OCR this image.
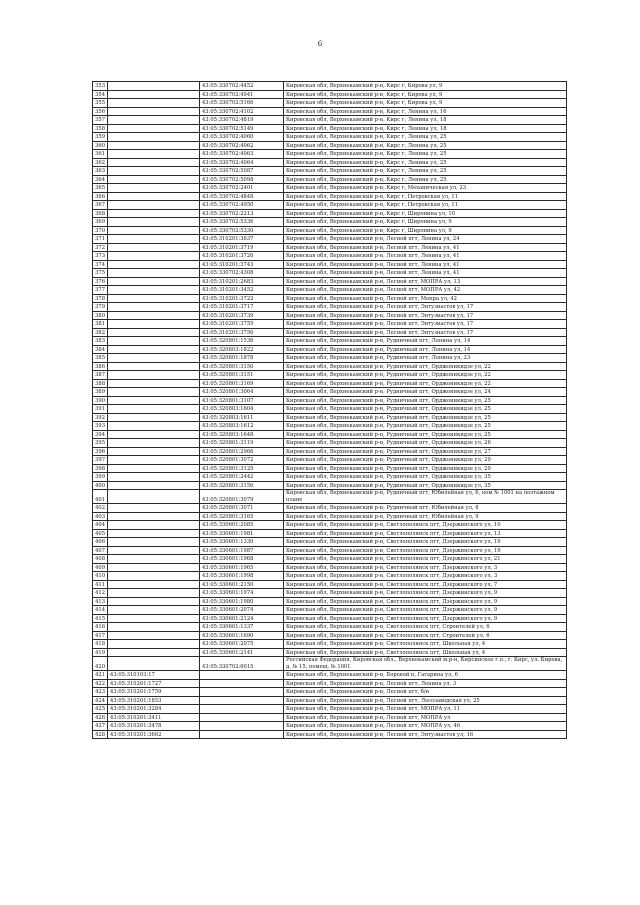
6
353		43:05:330702:4452	Кировская обл, Верхнекамский р-н, Кирс г, Кирова ул, 9
354		43:05:330702:4941	Кировская обл, Верхнекамский р-н, Кирс г, Кирова ул, 9
355		43:05:330702:5166	Кировская обл, Верхнекамский р-н, Кирс г, Кирова ул, 9
356		43:05:330702:4102	Кировская обл, Верхнекамский р-н, Кирс г, Ленина ул, 16
357		43:05:330702:4819	Кировская обл, Верхнекамский р-н, Кирс г, Ленина ул, 18
358		43:05:330702:5149	Кировская обл, Верхнекамский р-н, Кирс г, Ленина ул, 18
359		43:05:330702:4060	Кировская обл, Верхнекамский р-н, Кирс г, Ленина ул, 25
360		43:05:330702:4062	Кировская обл, Верхнекамский р-н, Кирс г, Ленина ул, 25
361		43:05:330702:4063	Кировская обл, Верхнекамский р-н, Кирс г, Ленина ул, 25
362		43:05:330702:4064	Кировская обл, Верхнекамский р-н, Кирс г, Ленина ул, 25
363		43:05:330702:5087	Кировская обл, Верхнекамский р-н, Кирс г, Ленина ул, 25
364		43:05:330702:5098	Кировская обл, Верхнекамский р-н, Кирс г, Ленина ул, 25
365		43:05:330702:2401	Кировская обл, Верхнекамский р-н, Кирс г, Механическая ул, 23
366		43:05:330702:4848	Кировская обл, Верхнекамский р-н, Кирс г, Петровская ул, 11
367		43:05:330702:4950	Кировская обл, Верхнекамский р-н, Кирс г, Петровская ул, 11
368		43:05:330702:2213	Кировская обл, Верхнекамский р-н, Кирс г, Широнина ул, 10
369		43:05:330702:5336	Кировская обл, Верхнекамский р-н, Кирс г, Широнина ул, 9
370		43:05:330702:5330	Кировская обл, Верхнекамский р-н, Кирс г, Широнина ул, 9
371		43:05:310201:3637	Кировская обл, Верхнекамский р-н, Лесной пгт, Ленина ул, 24
372		43:05:310201:3719	Кировская обл, Верхнекамский р-н, Лесной пгт, Ленина ул, 41
373		43:05:310201:3726	Кировская обл, Верхнекамский р-н, Лесной пгт, Ленина ул, 41
374		43:05:310201:3743	Кировская обл, Верхнекамский р-н, Лесной пгт, Ленина ул, 41
375		43:05:330702:4308	Кировская обл, Верхнекамский р-н, Лесной пгт, Ленина ул, 41
376		43:05:310201:2683	Кировская обл, Верхнекамский р-н, Лесной пгт, МОПРА ул, 13
377		43:05:310201:3452	Кировская обл, Верхнекамский р-н, Лесной пгт, МОПРА ул, 42
378		43:05:310201:3722	Кировская обл, Верхнекамский р-н, Лесной пгт, Мопра ул, 42
379		43:05:310201:3717	Кировская обл, Верхнекамский р-н, Лесной пгт, Энтузиастов ул, 17
380		43:05:310201:3739	Кировская обл, Верхнекамский р-н, Лесной пгт, Энтузиастов ул, 17
381		43:05:310201:3755	Кировская обл, Верхнекамский р-н, Лесной пгт, Энтузиастов ул, 17
382		43:05:310201:3756	Кировская обл, Верхнекамский р-н, Лесной пгт, Энтузиастов ул, 17
383		43:05:320801:1536	Кировская обл, Верхнекамский р-н, Рудничный пгт, Ленина ул, 14
384		43:05:320803:1822	Кировская обл, Верхнекамский р-н, Рудничный пгт, Ленина ул, 14
385		43:05:320801:1878	Кировская обл, Верхнекамский р-н, Рудничный пгт, Ленина ул, 23
386		43:05:320801:3150	Кировская обл, Верхнекамский р-н, Рудничный пгт, Орджоникидзе ул, 22
387		43:05:320801:3151	Кировская обл, Верхнекамский р-н, Рудничный пгт, Орджоникидзе ул, 22
388		43:05:320801:3169	Кировская обл, Верхнекамский р-н, Рудничный пгт, Орджоникидзе ул, 22
389		43:05:320801:3064	Кировская обл, Верхнекамский р-н, Рудничный пгт, Орджоникидзе ул, 24
390		43:05:320801:3107	Кировская обл, Верхнекамский р-н, Рудничный пгт, Орджоникидзе ул, 25
391		43:05:320803:1604	Кировская обл, Верхнекамский р-н, Рудничный пгт, Орджоникидзе ул, 25
392		43:05:320803:1611	Кировская обл, Верхнекамский р-н, Рудничный пгт, Орджоникидзе ул, 25
393		43:05:320803:1612	Кировская обл, Верхнекамский р-н, Рудничный пгт, Орджоникидзе ул, 25
394		43:05:320803:1648	Кировская обл, Верхнекамский р-н, Рудничный пгт, Орджоникидзе ул, 25
395		43:05:320801:3119	Кировская обл, Верхнекамский р-н, Рудничный пгт, Орджоникидзе ул, 26
396		43:05:320801:2966	Кировская обл, Верхнекамский р-н, Рудничный пгт, Орджоникидзе ул, 27
397		43:05:320801:3072	Кировская обл, Верхнекамский р-н, Рудничный пгт, Орджоникидзе ул, 29
398		43:05:320801:3125	Кировская обл, Верхнекамский р-н, Рудничный пгт, Орджоникидзе ул, 29
399		43:05:320801:2442	Кировская обл, Верхнекамский р-н, Рудничный пгт, Орджоникидзе ул, 35
400		43:05:320801:3156	Кировская обл, Верхнекамский р-н, Рудничный пгт, Орджоникидзе ул, 35
401		43:05:320801:3079	Кировская обл, Верхнекамский р-н, Рудничный пгт, Юбилейная ул, 6, пом № 1001 на поэтажном плане
402		43:05:320801:3071	Кировская обл, Верхнекамский р-н, Рудничный пгт, Юбилейная ул, 8
403		43:05:320801:3165	Кировская обл, Верхнекамский р-н, Рудничный пгт, Юбилейная ул, 9
404		43:05:330601:2085	Кировская обл, Верхнекамский р-н, Светлополянск пгт, Дзержинского ул, 10
405		43:05:330601:1981	Кировская обл, Верхнекамский р-н, Светлополянск пгт, Дзержинского ул, 13
406		43:05:330601:1330	Кировская обл, Верхнекамский р-н, Светлополянск пгт, Дзержинского ул, 19
407		43:05:330601:1987	Кировская обл, Верхнекамский р-н, Светлополянск пгт, Дзержинского ул, 19
408		43:05:330601:1968	Кировская обл, Верхнекамский р-н, Светлополянск пгт, Дзержинского ул, 21
409		43:05:330601:1965	Кировская обл, Верхнекамский р-н, Светлополянск пгт, Дзержинского ул, 3
410		43:05:330601:1998	Кировская обл, Верхнекамский р-н, Светлополянск пгт, Дзержинского ул, 3
411		43:05:330601:2150	Кировская обл, Верхнекамский р-н, Светлополянск пгт, Дзержинского ул, 7
412		43:05:330601:1974	Кировская обл, Верхнекамский р-н, Светлополянск пгт, Дзержинского ул, 9
413		43:05:330601:1980	Кировская обл, Верхнекамский р-н, Светлополянск пгт, Дзержинского ул, 9
414		43:05:330601:2074	Кировская обл, Верхнекамский р-н, Светлополянск пгт, Дзержинского ул, 9
415		43:05:330601:2124	Кировская обл, Верхнекамский р-н, Светлополянск пгт, Дзержинского ул, 9
416		43:05:330601:1337	Кировская обл, Верхнекамский р-н, Светлополянск пгт, Строителей ул, 6
417		43:05:330601:1690	Кировская обл, Верхнекамский р-н, Светлополянск пгт, Строителей ул, 6
418		43:05:330601:2075	Кировская обл, Верхнекамский р-н, Светлополянск пгт, Школьная ул, 4
419		43:05:330601:2141	Кировская обл, Верхнекамский р-н, Светлополянск пгт, Школьная ул, 4
420		43:05:330702:6015	Российская Федерация, Кировская обл., Верхнекамский м.р-н, Кирсинское г.п., г. Кирс, ул. Кирова, д. № 15, помещ. № 1001
421	43:05:310103:17		Кировская обл, Верхнекамский р-н, Боровой п, Гагарина ул, 6
422	43:05:310201:1727		Кировская обл, Верхнекамский р-н, Лесной пгт, Ленина ул, 3
423	43:05:310201:1759		Кировская обл, Верхнекамский р-н, Лесной пгт, б/н
424	43:05:310201:1853		Кировская обл, Верхнекамский р-н, Лесной пгт, Лесозаводская ул, 25
425	43:05:310201:3284		Кировская обл, Верхнекамский р-н, Лесной пгт, МОПРА ул, 11
426	43:05:310201:3411		Кировская обл, Верхнекамский р-н, Лесной пгт, МОПРА ул
427	43:05:310201:3478		Кировская обл, Верхнекамский р-н, Лесной пгт, МОПРА ул, 46
428	43:05:310201:3662		Кировская обл, Верхнекамский р-н, Лесной пгт, Энтузиастов ул, 16
